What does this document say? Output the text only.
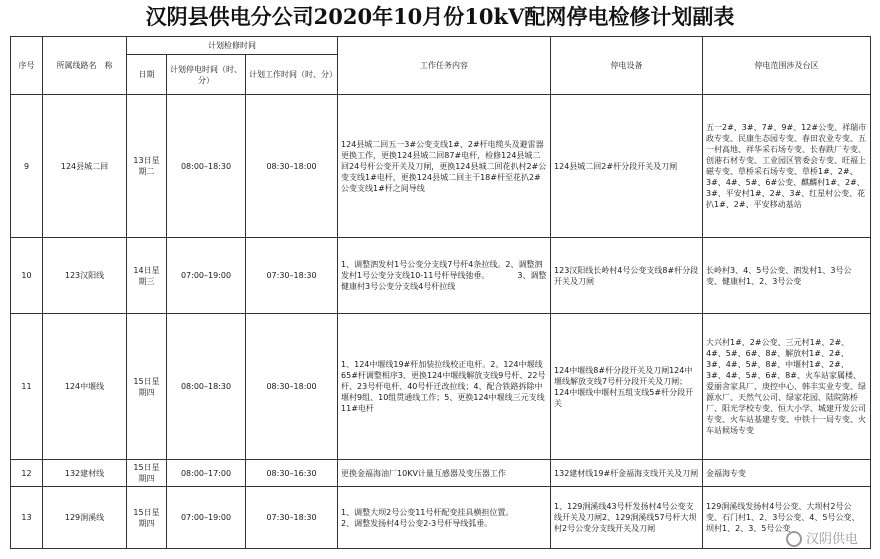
汉阴县供电分公司2020年10月份10kV配网停电检修计划副表
序号	所属线路名　称	计划检修时间			工作任务内容	停电设备	停电范围涉及台区
		日期	计划停电时间（时、分）	计划工作时间（时、分）			
9	124县城二回	13日星期二	08:00–18:30	08:30–18:00	124县城二回五一3#公变支线1#、2#杆电缆头及避雷器更换工作，更换124县城二回87#电杆，检修124县城二回24号杆公变开关及刀闸，更换124县城二回花扒村2#公变支线1#电杆，更换124县城二回主干18#杆至花扒2#公变支线1#杆之间导线	124县城二回2#杆分段开关及刀闸	五一2#、3#、7#、9#、12#公变、祥瑞市政专变、民康生态园专变、春田农业专变、五一村高地、祥华采石场专变、长春跌厂专变、创港石材专变、工业园区管委会专变、旺福上磁专变、草桥采石场专变、草桥1#、2#、3#、4#、5#、6#公变、麒麟村1#、2#、3#、平安村1#、2#、3#、红星村公变、花扒1#、2#、平安移动基站
10	123汉阳线	14日星期三	07:00–19:00	07:30–18:30	1、调整泗发村1号公变分支线7号杆4条拉线。2、调整泗发村1号公变分支线10-11号杆导线弛垂。　　　　3、调整健康村3号公变分支线4号杆拉线	123汉阳线长岭村4号公变支线8#杆分段开关及刀闸	长岭村3、4、5号公变、泗发村1、3号公变、健康村1、2、3号公变
11	124中堰线	15日星期四	08:00–18:30	08:30–18:00	1、124中堰线19#杆加装拉线校正电杆。2、124中堰线65#杆调整相序3、更换124中堰线解放支线9号杆、22号杆、23号杆电杆、40号杆迁改拉线；4、配合铁路拆除中堰村9组、10组贯通线工作；5、更换124中堰线三元支线11#电杆	124中堰线8#杆分段开关及刀闸124中堰线解放支线7号杆分段开关及刀闸；124中堰线中堰村五组支线5#杆分段开关	大兴村1#、2#公变、三元村1#、2#、4#、5#、6#、8#、解放村1#、2#、3#、4#、5#、8#、中堰村1#、2#、3#、4#、5#、6#、8#、火车站家属楼、爱丽舍家具厂、庚控中心、韩丰实业专变、绿源水厂、天然气公司、绿家花园、陆院陈桥厂、阳光学校专变、恒大小学、城建开发公司专变、火车站基建专变、中铁十一局专变、火车站候场专变
12	132建材线	15日星期四	08:00–17:00	08:30–16:30	更换金福海油厂10KV计量互感器及变压器工作	132建材线19#杆金福海支线开关及刀闸	金福海专变
13	129涧溪线	15日星期四	07:00–19:00	07:30–18:30	1、调整大坝2号公变11号杆配变挂具横担位置。　　　　　　2、调整发扬村4号公变2-3号杆导线弧垂。	1、129涧溪线43号杆发扬村4号公变支线开关及刀闸2、129涧溪线57号杆大坝村2号公变分支线开关及刀闸	129涧溪线发扬村4号公变、大坝村2号公变、石门村1、2、3号公变、4、5号公变、坝村1、2、3、5号公变
汉阴供电
